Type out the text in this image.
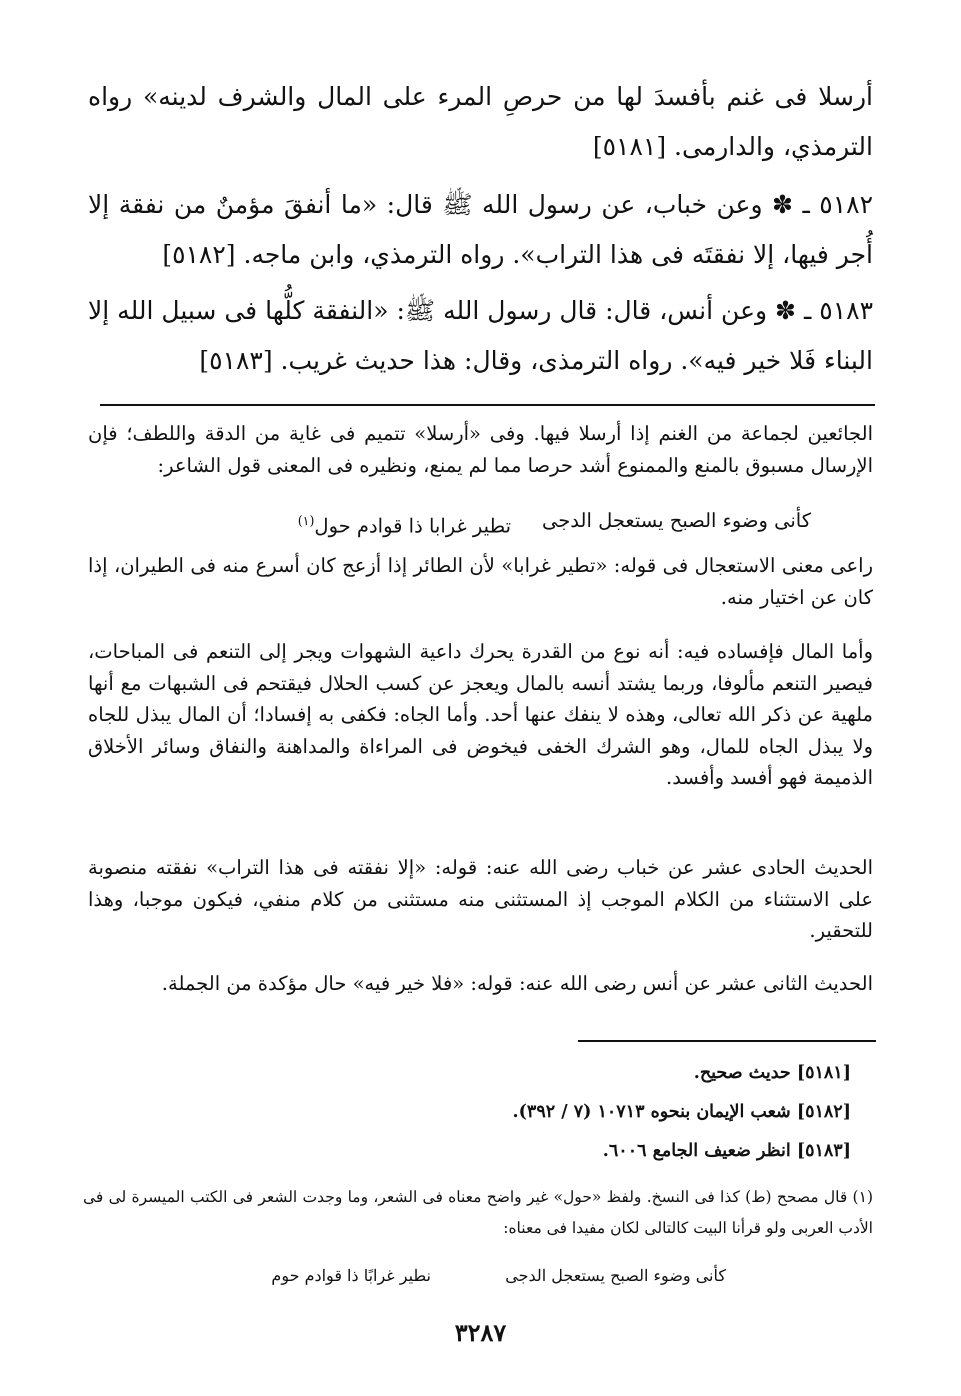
أرسلا فى غنم بأفسدَ لها من حرصِ المرء على المال والشرف لدينه» رواه الترمذي، والدارمى. [٥١٨١]

٥١٨٢ ـ ✽ وعن خباب، عن رسول الله ﷺ قال: «ما أنفقَ مؤمنٌ من نفقة إلا أُجر فيها، إلا نفقتَه فى هذا التراب». رواه الترمذي، وابن ماجه. [٥١٨٢]

٥١٨٣ ـ ✽ وعن أنس، قال: قال رسول الله ﷺ: «النفقة كلُّها فى سبيل الله إلا البناء فَلا خير فيه». رواه الترمذى، وقال: هذا حديث غريب. [٥١٨٣]

الجائعين لجماعة من الغنم إذا أرسلا فيها. وفى «أرسلا» تتميم فى غاية من الدقة واللطف؛ فإن الإرسال مسبوق بالمنع والممنوع أشد حرصا مما لم يمنع، ونظيره فى المعنى قول الشاعر:

كأنى وضوء الصبح يستعجل الدجى
تطير غرابا ذا قوادم حول$^{(١)}$

راعى معنى الاستعجال فى قوله: «تطير غرابا» لأن الطائر إذا أزعج كان أسرع منه فى الطيران، إذا كان عن اختيار منه.

وأما المال فإفساده فيه: أنه نوع من القدرة يحرك داعية الشهوات ويجر إلى التنعم فى المباحات، فيصير التنعم مألوفا، وربما يشتد أنسه بالمال ويعجز عن كسب الحلال فيقتحم فى الشبهات مع أنها ملهية عن ذكر الله تعالى، وهذه لا ينفك عنها أحد. وأما الجاه: فكفى به إفسادا؛ أن المال يبذل للجاه ولا يبذل الجاه للمال، وهو الشرك الخفى فيخوض فى المراءاة والمداهنة والنفاق وسائر الأخلاق الذميمة فهو أفسد وأفسد.

الحديث الحادى عشر عن خباب رضى الله عنه: قوله: «إلا نفقته فى هذا التراب» نفقته منصوبة على الاستثناء من الكلام الموجب إذ المستثنى منه مستثنى من كلام منفي، فيكون موجبا، وهذا للتحقير.

الحديث الثانى عشر عن أنس رضى الله عنه: قوله: «فلا خير فيه» حال مؤكدة من الجملة.

[٥١٨١] حديث صحيح.
[٥١٨٢] شعب الإيمان بنحوه ١٠٧١٣ (٧ / ٣٩٢).
[٥١٨٣] انظر ضعيف الجامع ٦٠٠٦.
(١) قال مصحح (ط) كذا فى النسخ. ولفظ «حول» غير واضح معناه فى الشعر، وما وجدت الشعر فى الكتب الميسرة لى فى الأدب العربى ولو قرأنا البيت كالتالى لكان مفيدا فى معناه:
كأنى وضوء الصبح يستعجل الدجى
نطير غرابًا ذا قوادم حوم
٣٢٨٧
